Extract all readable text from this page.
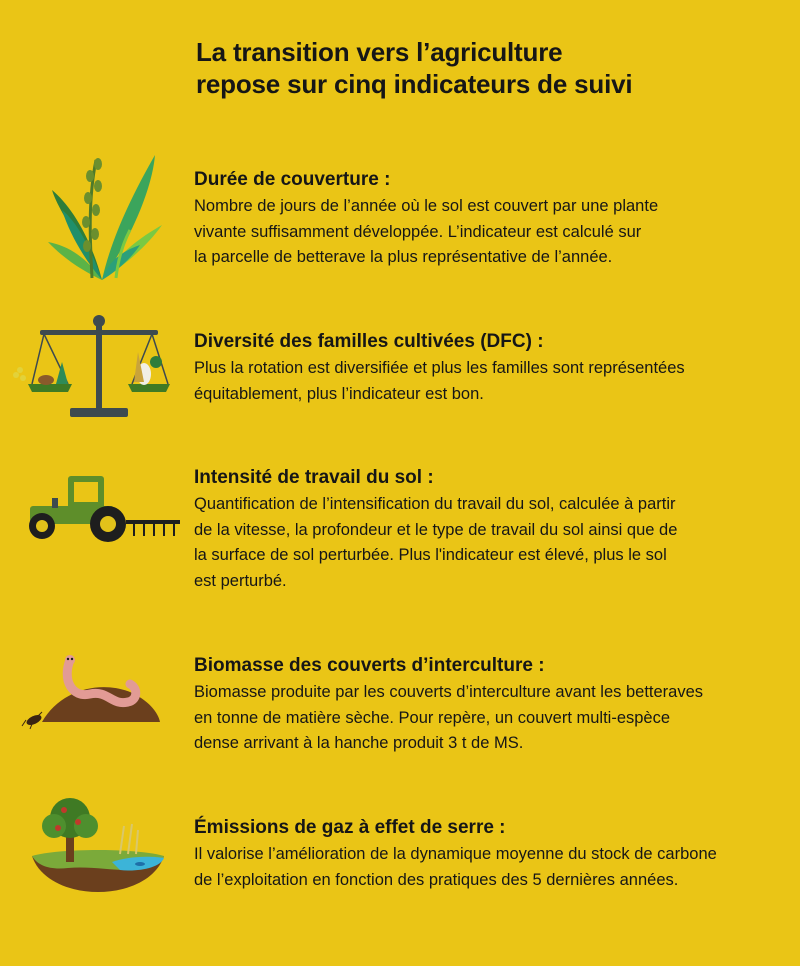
La transition vers l’agriculture
repose sur cinq indicateurs de suivi
Durée de couverture :
Nombre de jours de l’année où le sol est couvert par une plante
vivante suffisamment développée. L’indicateur est calculé sur
la parcelle de betterave la plus représentative de l’année.
Diversité des familles cultivées (DFC) :
Plus la rotation est diversifiée et plus les familles sont représentées
équitablement, plus l’indicateur est bon.
Intensité de travail du sol :
Quantification de l’intensification du travail du sol, calculée à partir
de la vitesse, la profondeur et le type de travail du sol ainsi que de
la surface de sol perturbée. Plus l'indicateur est élevé, plus le sol
est perturbé.
Biomasse des couverts d’interculture :
Biomasse produite par les couverts d’interculture avant les betteraves
en tonne de matière sèche. Pour repère, un couvert multi-espèce
dense arrivant à la hanche produit 3 t de MS.
Émissions de gaz à effet de serre :
Il valorise l’amélioration de la dynamique moyenne du stock de carbone
de l’exploitation en fonction des pratiques des 5 dernières années.
